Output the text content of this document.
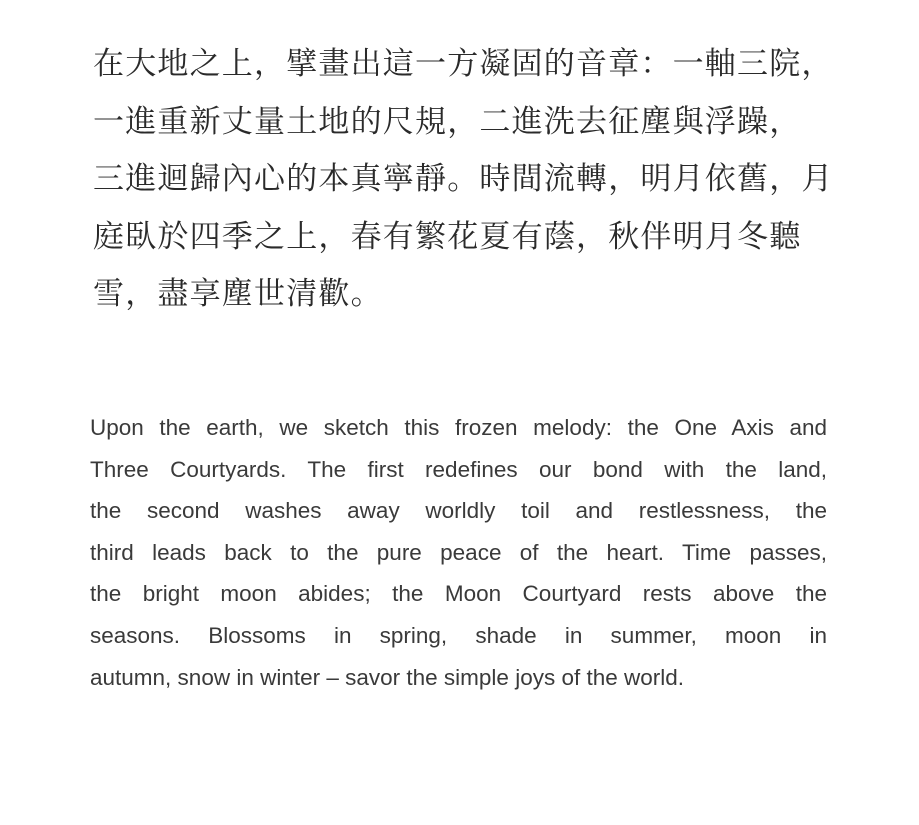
在大地之上，擘畫出這一方凝固的音章：一軸三院，
一進重新丈量土地的尺規，二進洗去征塵與浮躁，
三進迴歸內心的本真寧靜。時間流轉，明月依舊，月
庭臥於四季之上，春有繁花夏有蔭，秋伴明月冬聽
雪，盡享塵世清歡。
Upon the earth, we sketch this frozen melody: the One Axis and
Three Courtyards. The first redefines our bond with the land,
the second washes away worldly toil and restlessness, the
third leads back to the pure peace of the heart. Time passes,
the bright moon abides; the Moon Courtyard rests above the
seasons. Blossoms in spring, shade in summer, moon in
autumn, snow in winter – savor the simple joys of the world.
